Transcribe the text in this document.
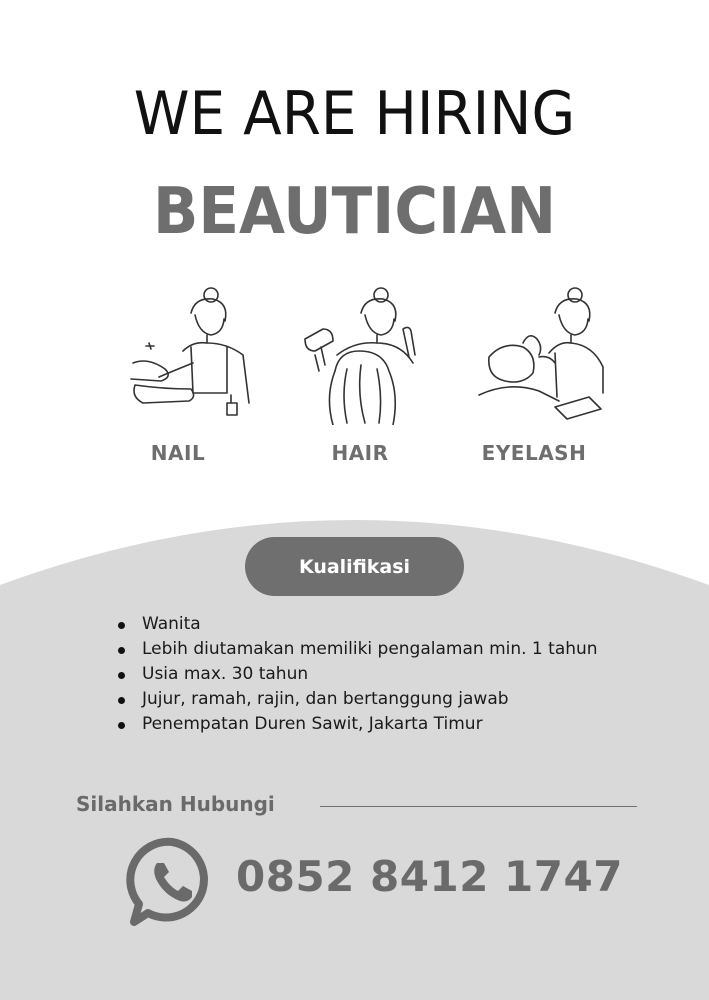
WE ARE HIRING
BEAUTICIAN
NAIL	HAIR	EYELASH
Kualifikasi
Wanita
Lebih diutamakan memiliki pengalaman min. 1 tahun
Usia max. 30 tahun
Jujur, ramah, rajin, dan bertanggung jawab
Penempatan Duren Sawit, Jakarta Timur
Silahkan Hubungi
0852 8412 1747
